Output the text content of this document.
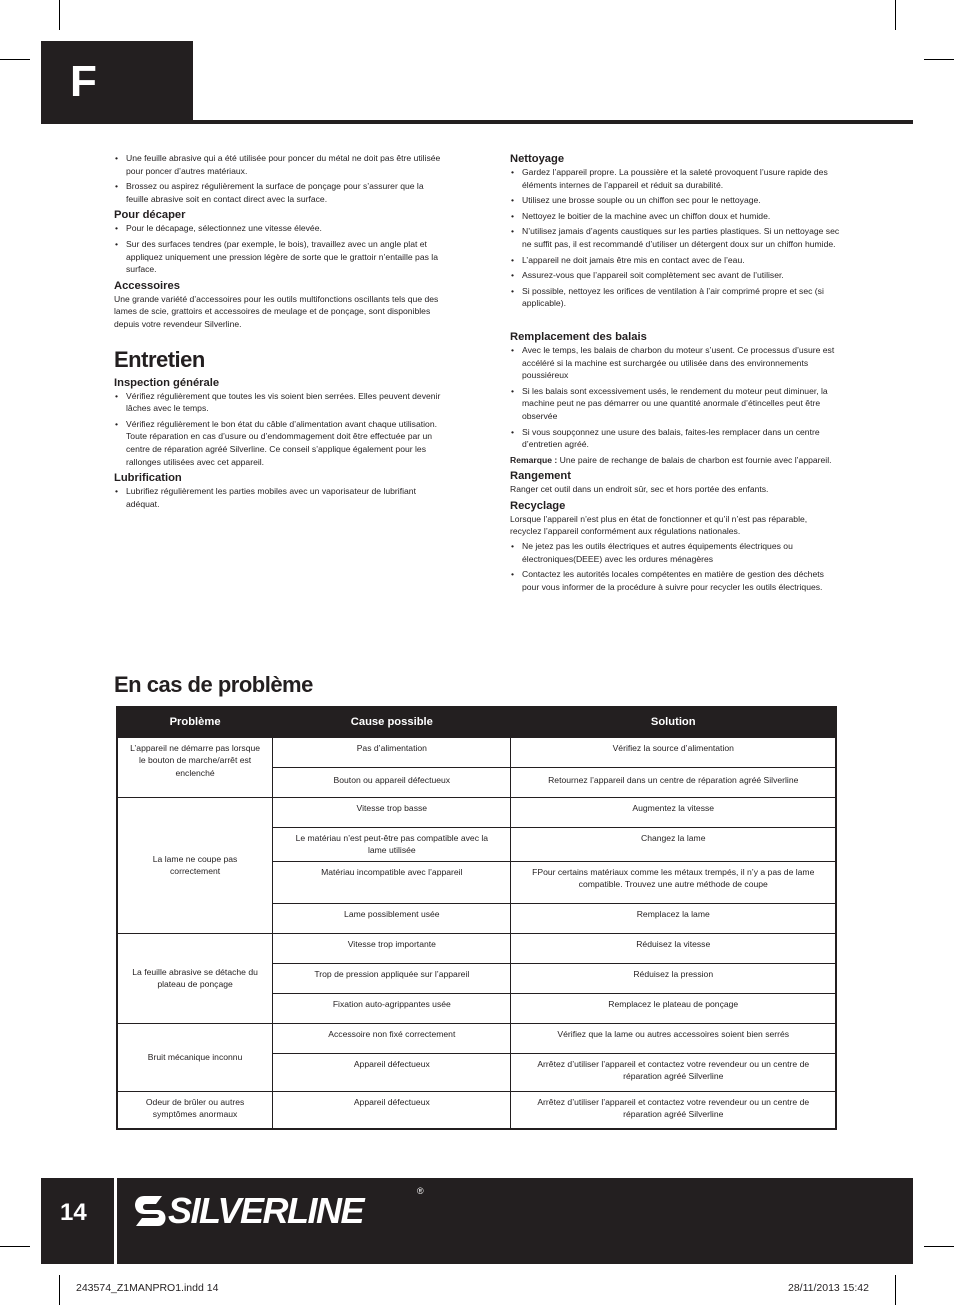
F
• Une feuille abrasive qui a été utilisée pour poncer du métal ne doit pas être utilisée pour poncer d’autres matériaux.
• Brossez ou aspirez régulièrement la surface de ponçage pour s’assurer que la feuille abrasive soit en contact direct avec la surface.
Pour décaper
• Pour le décapage, sélectionnez une vitesse élevée.
• Sur des surfaces tendres (par exemple, le bois), travaillez avec un angle plat et appliquez uniquement une pression légère de sorte que le grattoir n’entaille pas la surface.
Accessoires
Une grande variété d’accessoires pour les outils multifonctions oscillants tels que des lames de scie, grattoirs et accessoires de meulage et de ponçage, sont disponibles depuis votre revendeur Silverline.
Entretien
Inspection générale
• Vérifiez régulièrement que toutes les vis soient bien serrées. Elles peuvent devenir lâches avec le temps.
• Vérifiez régulièrement le bon état du câble d’alimentation avant chaque utilisation. Toute réparation en cas d’usure ou d’endommagement doit être effectuée par un centre de réparation agréé Silverline. Ce conseil s’applique également pour les rallonges utilisées avec cet appareil.
Lubrification
• Lubrifiez régulièrement les parties mobiles avec un vaporisateur de lubrifiant adéquat.
Nettoyage
• Gardez l’appareil propre. La poussière et la saleté provoquent l’usure rapide des éléments internes de l’appareil et réduit sa durabilité.
• Utilisez une brosse souple ou un chiffon sec pour le nettoyage.
• Nettoyez le boitier de la machine avec un chiffon doux et humide.
• N’utilisez jamais d’agents caustiques sur les parties plastiques. Si un nettoyage sec ne suffit pas, il est recommandé d’utiliser un détergent doux sur un chiffon humide.
• L’appareil ne doit jamais être mis en contact avec de l’eau.
• Assurez-vous que l’appareil soit complètement sec avant de l’utiliser.
• Si possible, nettoyez les orifices de ventilation à l’air comprimé propre et sec (si applicable).
Remplacement des balais
• Avec le temps, les balais de charbon du moteur s’usent. Ce processus d’usure est accéléré si la machine est surchargée ou utilisée dans des environnements poussiéreux
• Si les balais sont excessivement usés, le rendement du moteur peut diminuer, la machine peut ne pas démarrer ou une quantité anormale d’étincelles peut être observée
• Si vous soupçonnez une usure des balais, faites-les remplacer dans un centre d’entretien agréé.
Remarque : Une paire de rechange de balais de charbon est fournie avec l’appareil.
Rangement
Ranger cet outil dans un endroit sûr, sec et hors portée des enfants.
Recyclage
Lorsque l’appareil n’est plus en état de fonctionner et qu’il n’est pas réparable, recyclez l’appareil conformément aux régulations nationales.
• Ne jetez pas les outils électriques et autres équipements électriques ou électroniques(DEEE) avec les ordures ménagères
• Contactez les autorités locales compétentes en matière de gestion des déchets pour vous informer de la procédure à suivre pour recycler les outils électriques.
En cas de problème
Problème	Cause possible	Solution
L’appareil ne démarre pas lorsque le bouton de marche/arrêt est enclenché	Pas d’alimentation	Vérifiez la source d’alimentation
	Bouton ou appareil défectueux	Retournez l’appareil dans un centre de réparation agréé Silverline
La lame ne coupe pas correctement	Vitesse trop basse	Augmentez la vitesse
	Le matériau n’est peut-être pas compatible avec la lame utilisée	Changez la lame
	Matériau incompatible avec l’appareil	FPour certains matériaux comme les métaux trempés, il n’y a pas de lame compatible. Trouvez une autre méthode de coupe
	Lame possiblement usée	Remplacez la lame
La feuille abrasive se détache du plateau de ponçage	Vitesse trop importante	Réduisez la vitesse
	Trop de pression appliquée sur l’appareil	Réduisez la pression
	Fixation auto-agrippantes usée	Remplacez le plateau de ponçage
Bruit mécanique inconnu	Accessoire non fixé correctement	Vérifiez que la lame ou autres accessoires soient bien serrés
	Appareil défectueux	Arrêtez d’utiliser l’appareil et contactez votre revendeur ou un centre de réparation agréé Silverline
Odeur de brûler ou autres symptômes anormaux	Appareil défectueux	Arrêtez d’utiliser l’appareil et contactez votre revendeur ou un centre de réparation agréé Silverline
14 SILVERLINE	®
243574_Z1MANPRO1.indd 14	28/11/2013 15:42
